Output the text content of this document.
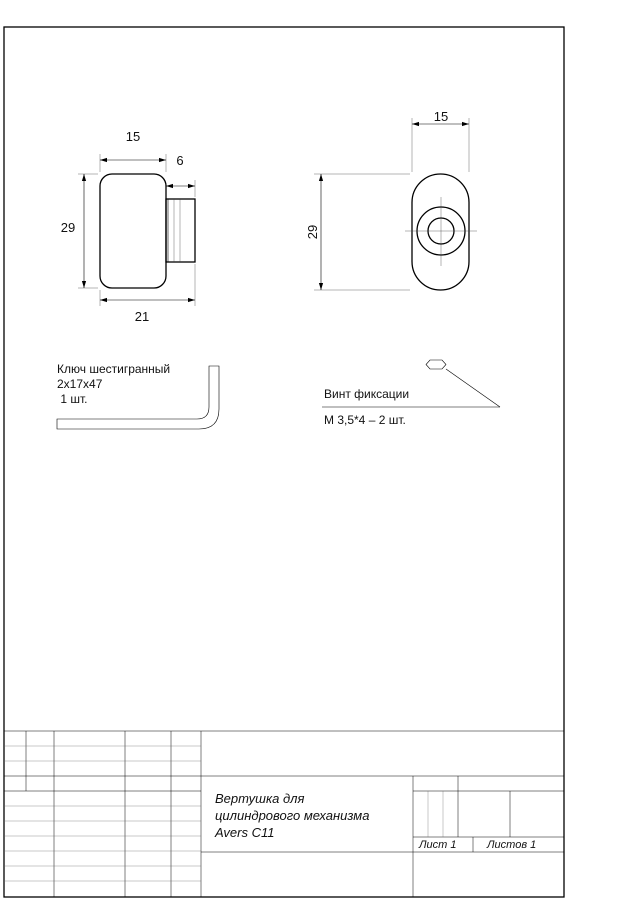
15
6
29
21
15
29
Ключ шестигранный
2x17x47
1 шт.	Винт фиксации
М 3,5*4 – 2 шт.
Вертушка для
цилиндрового механизма
Avers C11
Лист 1	Листов 1
